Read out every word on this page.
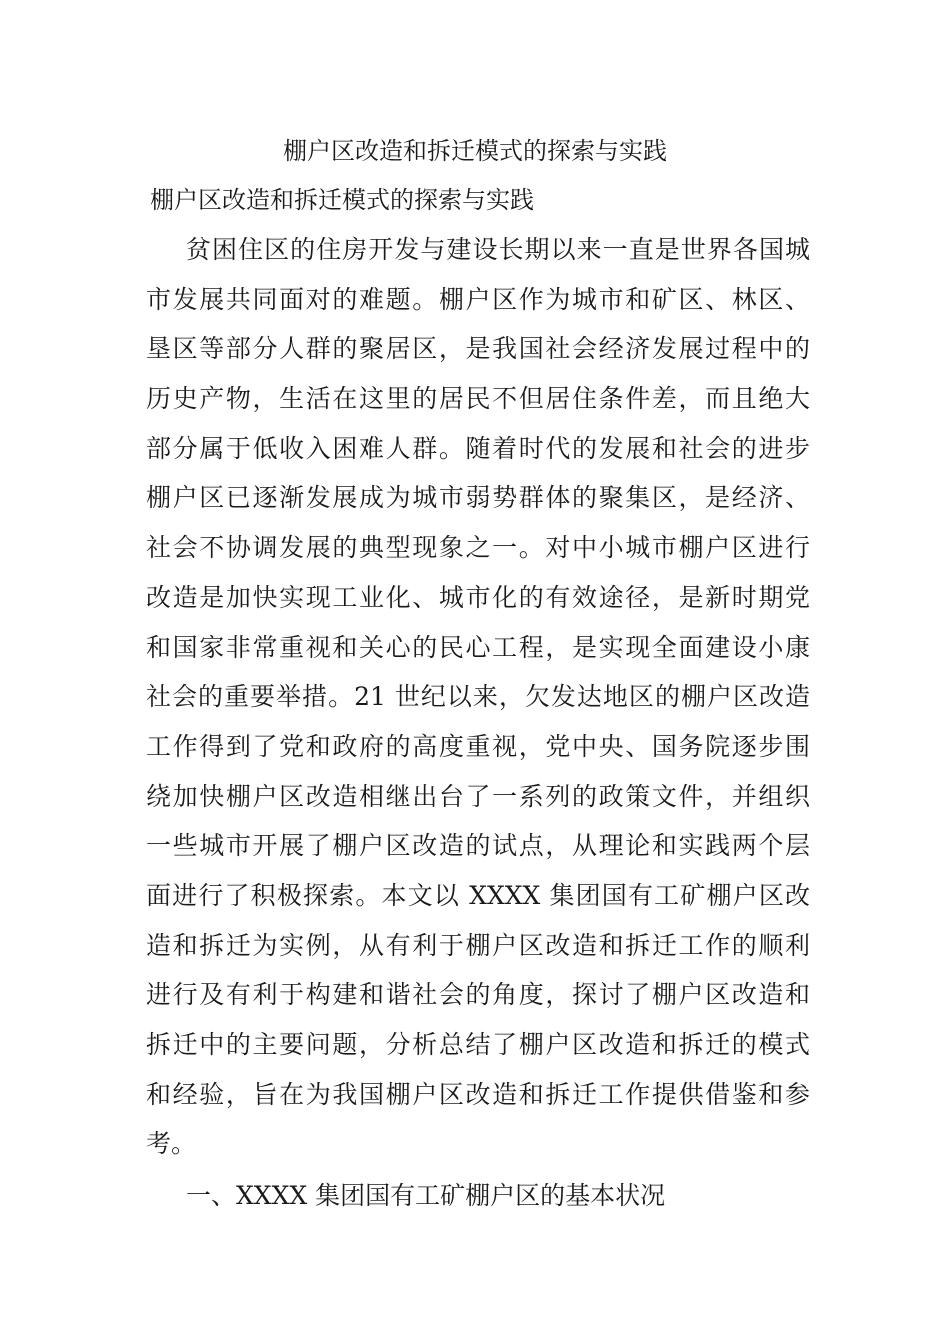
棚户区改造和拆迁模式的探索与实践
棚户区改造和拆迁模式的探索与实践

贫困住区的住房开发与建设长期以来一直是世界各国城

市发展共同面对的难题。棚户区作为城市和矿区、林区、

垦区等部分人群的聚居区，是我国社会经济发展过程中的

历史产物，生活在这里的居民不但居住条件差，而且绝大

部分属于低收入困难人群。随着时代的发展和社会的进步

棚户区已逐渐发展成为城市弱势群体的聚集区，是经济、

社会不协调发展的典型现象之一。对中小城市棚户区进行

改造是加快实现工业化、城市化的有效途径，是新时期党

和国家非常重视和关心的民心工程，是实现全面建设小康

社会的重要举措。21 世纪以来，欠发达地区的棚户区改造

工作得到了党和政府的高度重视，党中央、国务院逐步围

绕加快棚户区改造相继出台了一系列的政策文件，并组织

一些城市开展了棚户区改造的试点，从理论和实践两个层

面进行了积极探索。本文以 XXXX 集团国有工矿棚户区改

造和拆迁为实例，从有利于棚户区改造和拆迁工作的顺利

进行及有利于构建和谐社会的角度，探讨了棚户区改造和

拆迁中的主要问题，分析总结了棚户区改造和拆迁的模式

和经验，旨在为我国棚户区改造和拆迁工作提供借鉴和参

考。

一、XXXX 集团国有工矿棚户区的基本状况
